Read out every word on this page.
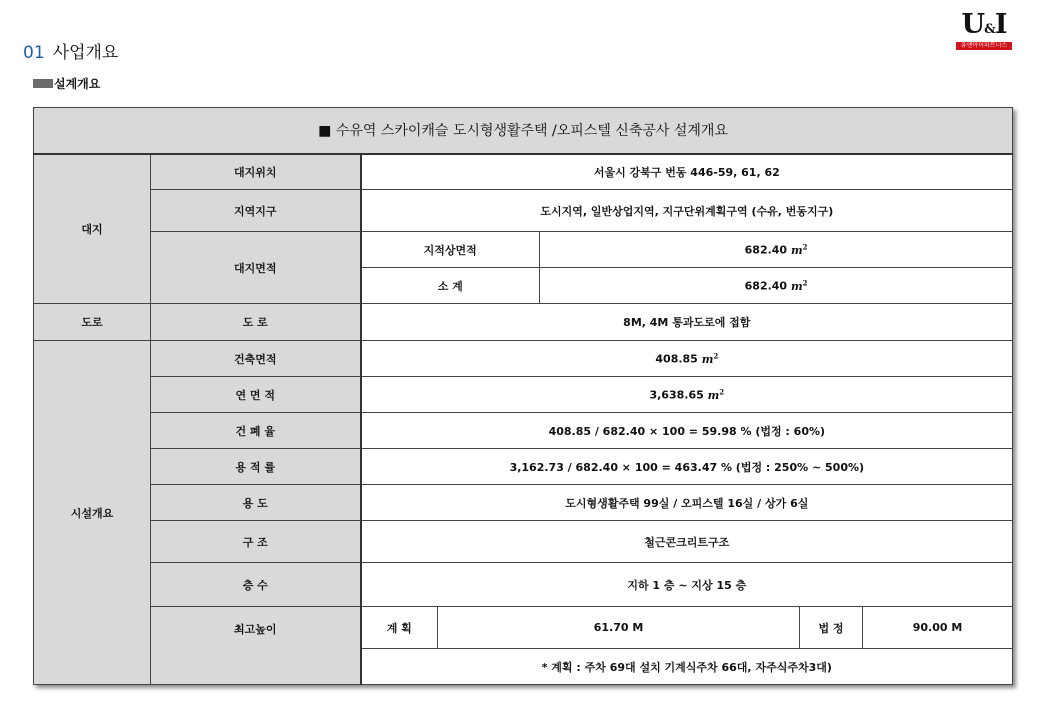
U&I
유앤아이파트너스
01 사업개요
설계개요
■ 수유역 스카이캐슬 도시형생활주택 /오피스텔 신축공사 설계개요						
대지	대지위치	서울시 강북구 번동 446-59, 61, 62				
	지역지구	도시지역, 일반상업지역, 지구단위계획구역 (수유, 번동지구)				
	대지면적	지적상면적		682.40 $m^2$
		소 계		682.40 $m^2$
도로	도 로	8M, 4M 통과도로에 접함				
시설개요	건축면적	408.85 $m^2$
	연 면 적	3,638.65 $m^2$
	건 폐 율	408.85 / 682.40 × 100 = 59.98 % (법정 : 60%)				
	용 적 률	3,162.73 / 682.40 × 100 = 463.47 % (법정 : 250% ~ 500%)				
	용 도	도시형생활주택 99실 / 오피스텔 16실 / 상가 6실				
	구 조	철근콘크리트구조				
	층 수	지하 1 층 ~ 지상 15 층				
	최고높이	계 획	61.70 M		법 정	90.00 M
		* 계획 : 주차 69대 설치 기계식주차 66대, 자주식주차3대)				
